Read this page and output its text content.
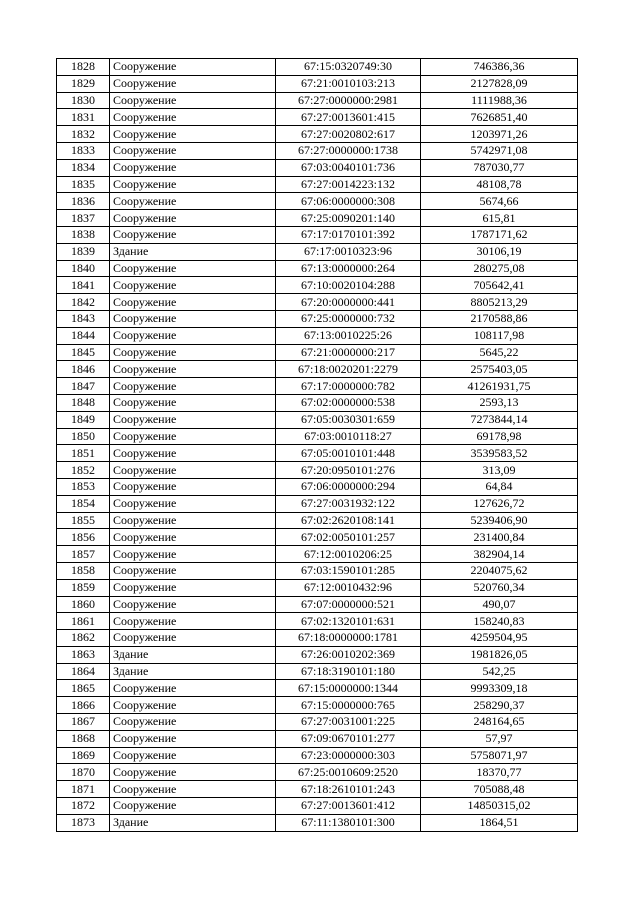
1828	Сооружение	67:15:0320749:30	746386,36
1829	Сооружение	67:21:0010103:213	2127828,09
1830	Сооружение	67:27:0000000:2981	1111988,36
1831	Сооружение	67:27:0013601:415	7626851,40
1832	Сооружение	67:27:0020802:617	1203971,26
1833	Сооружение	67:27:0000000:1738	5742971,08
1834	Сооружение	67:03:0040101:736	787030,77
1835	Сооружение	67:27:0014223:132	48108,78
1836	Сооружение	67:06:0000000:308	5674,66
1837	Сооружение	67:25:0090201:140	615,81
1838	Сооружение	67:17:0170101:392	1787171,62
1839	Здание	67:17:0010323:96	30106,19
1840	Сооружение	67:13:0000000:264	280275,08
1841	Сооружение	67:10:0020104:288	705642,41
1842	Сооружение	67:20:0000000:441	8805213,29
1843	Сооружение	67:25:0000000:732	2170588,86
1844	Сооружение	67:13:0010225:26	108117,98
1845	Сооружение	67:21:0000000:217	5645,22
1846	Сооружение	67:18:0020201:2279	2575403,05
1847	Сооружение	67:17:0000000:782	41261931,75
1848	Сооружение	67:02:0000000:538	2593,13
1849	Сооружение	67:05:0030301:659	7273844,14
1850	Сооружение	67:03:0010118:27	69178,98
1851	Сооружение	67:05:0010101:448	3539583,52
1852	Сооружение	67:20:0950101:276	313,09
1853	Сооружение	67:06:0000000:294	64,84
1854	Сооружение	67:27:0031932:122	127626,72
1855	Сооружение	67:02:2620108:141	5239406,90
1856	Сооружение	67:02:0050101:257	231400,84
1857	Сооружение	67:12:0010206:25	382904,14
1858	Сооружение	67:03:1590101:285	2204075,62
1859	Сооружение	67:12:0010432:96	520760,34
1860	Сооружение	67:07:0000000:521	490,07
1861	Сооружение	67:02:1320101:631	158240,83
1862	Сооружение	67:18:0000000:1781	4259504,95
1863	Здание	67:26:0010202:369	1981826,05
1864	Здание	67:18:3190101:180	542,25
1865	Сооружение	67:15:0000000:1344	9993309,18
1866	Сооружение	67:15:0000000:765	258290,37
1867	Сооружение	67:27:0031001:225	248164,65
1868	Сооружение	67:09:0670101:277	57,97
1869	Сооружение	67:23:0000000:303	5758071,97
1870	Сооружение	67:25:0010609:2520	18370,77
1871	Сооружение	67:18:2610101:243	705088,48
1872	Сооружение	67:27:0013601:412	14850315,02
1873	Здание	67:11:1380101:300	1864,51
